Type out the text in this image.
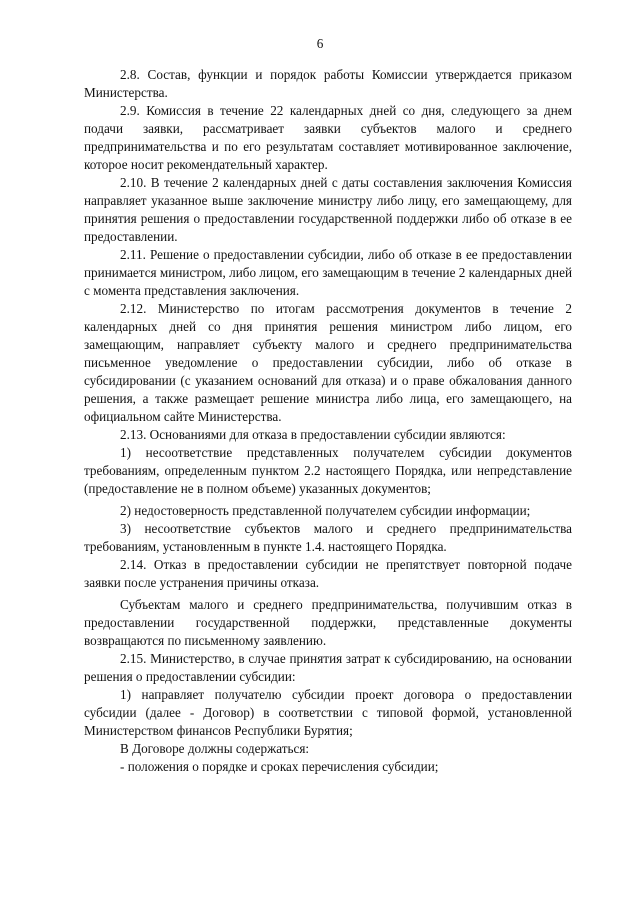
6

2.8. Состав, функции и порядок работы Комиссии утверждается приказом Министерства.

2.9. Комиссия в течение 22 календарных дней со дня, следующего за днем подачи заявки, рассматривает заявки субъектов малого и среднего предпринимательства и по его результатам составляет мотивированное заключение, которое носит рекомендательный характер.

2.10. В течение 2 календарных дней с даты составления заключения Комиссия направляет указанное выше заключение министру либо лицу, его замещающему, для принятия решения о предоставлении государственной поддержки либо об отказе в ее предоставлении.

2.11. Решение о предоставлении субсидии, либо об отказе в ее предоставлении принимается министром, либо лицом, его замещающим в течение 2 календарных дней с момента представления заключения.

2.12. Министерство по итогам рассмотрения документов в течение 2 календарных дней со дня принятия решения министром либо лицом, его замещающим, направляет субъекту малого и среднего предпринимательства письменное уведомление о предоставлении субсидии, либо об отказе в субсидировании (с указанием оснований для отказа) и о праве обжалования данного решения, а также размещает решение министра либо лица, его замещающего, на официальном сайте Министерства.

2.13. Основаниями для отказа в предоставлении субсидии являются:

1) несоответствие представленных получателем субсидии документов требованиям, определенным пунктом 2.2 настоящего Порядка, или непредставление (предоставление не в полном объеме) указанных документов;

2) недостоверность представленной получателем субсидии информации;

3) несоответствие субъектов малого и среднего предпринимательства требованиям, установленным в пункте 1.4. настоящего Порядка.

2.14. Отказ в предоставлении субсидии не препятствует повторной подаче заявки после устранения причины отказа.

Субъектам малого и среднего предпринимательства, получившим отказ в предоставлении государственной поддержки, представленные документы возвращаются по письменному заявлению.

2.15. Министерство, в случае принятия затрат к субсидированию, на основании решения о предоставлении субсидии:

1) направляет получателю субсидии проект договора о предоставлении субсидии (далее - Договор) в соответствии с типовой формой, установленной Министерством финансов Республики Бурятия;

В Договоре должны содержаться:

- положения о порядке и сроках перечисления субсидии;
